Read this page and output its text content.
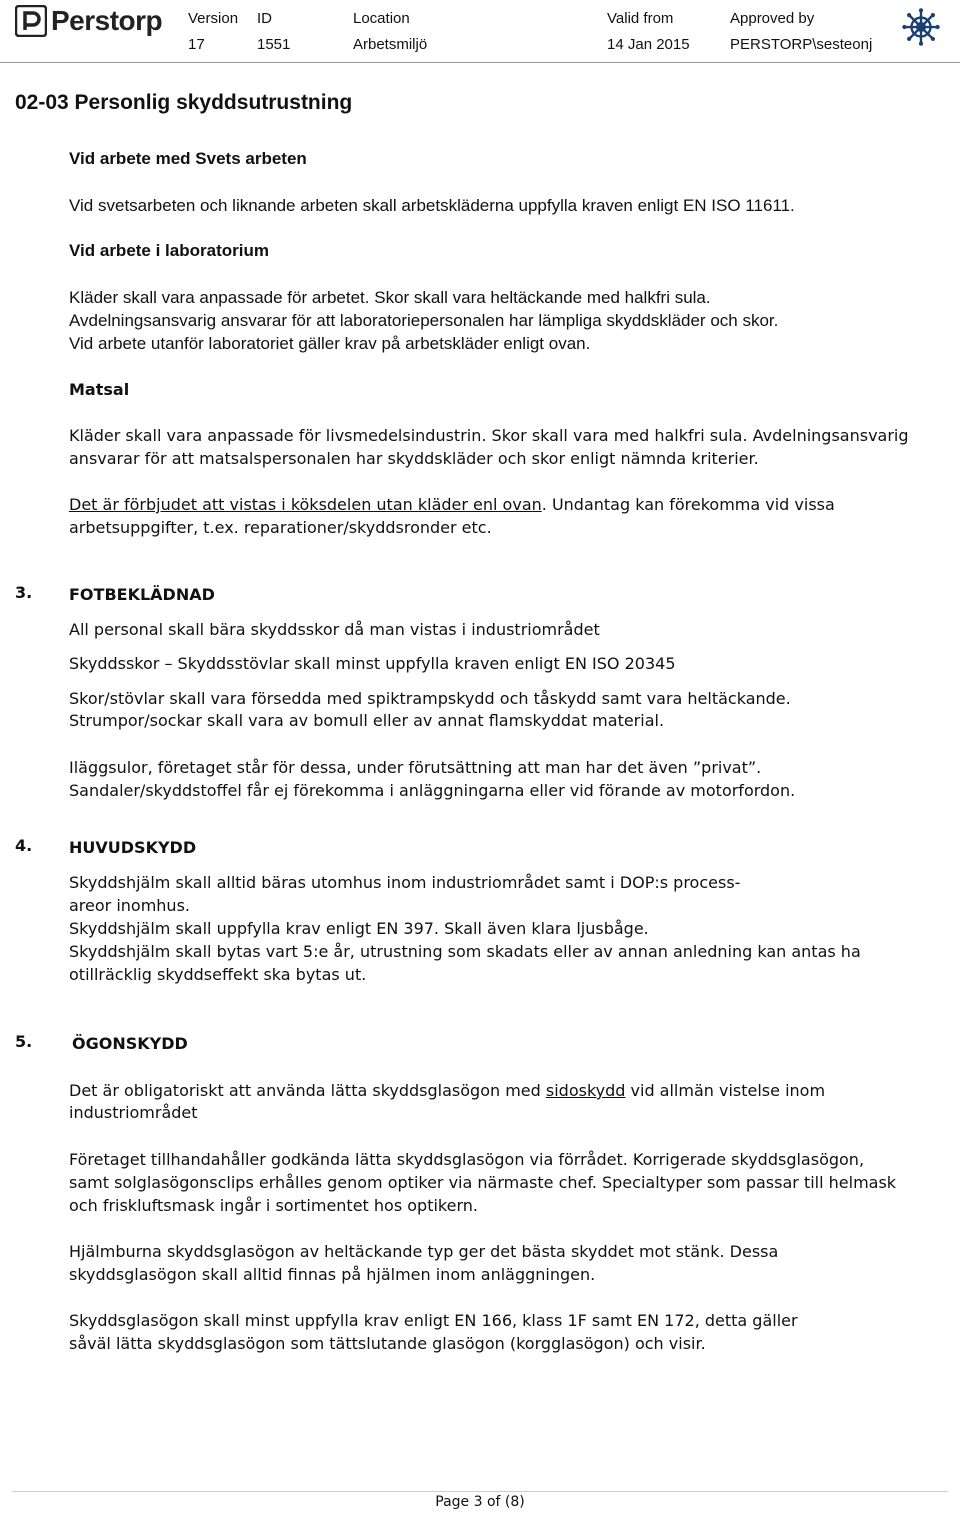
Perstorp Version
17
ID
1551
Location
Arbetsmiljö
Valid from
14 Jan 2015
Approved by
PERSTORP\sesteonj
02-03 Personlig skyddsutrustning
Vid arbete med Svets arbeten
Vid svetsarbeten och liknande arbeten skall arbetskläderna uppfylla kraven enligt EN ISO 11611.
Vid arbete i laboratorium
Kläder skall vara anpassade för arbetet. Skor skall vara heltäckande med halkfri sula.
Avdelningsansvarig ansvarar för att laboratoriepersonalen har lämpliga skyddskläder och skor.
Vid arbete utanför laboratoriet gäller krav på arbetskläder enligt ovan.
Matsal
Kläder skall vara anpassade för livsmedelsindustrin. Skor skall vara med halkfri sula. Avdelningsansvarig
ansvarar för att matsalspersonalen har skyddskläder och skor enligt nämnda kriterier.
Det är förbjudet att vistas i köksdelen utan kläder enl ovan. Undantag kan förekomma vid vissa
arbetsuppgifter, t.ex. reparationer/skyddsronder etc.
3. FOTBEKLÄDNAD
All personal skall bära skyddsskor då man vistas i industriområdet
Skyddsskor – Skyddsstövlar skall minst uppfylla kraven enligt EN ISO 20345
Skor/stövlar skall vara försedda med spiktrampskydd och tåskydd samt vara heltäckande.
Strumpor/sockar skall vara av bomull eller av annat flamskyddat material.
Iläggsulor, företaget står för dessa, under förutsättning att man har det även ”privat”.
Sandaler/skyddstoffel får ej förekomma i anläggningarna eller vid förande av motorfordon.
4. HUVUDSKYDD
Skyddshjälm skall alltid bäras utomhus inom industriområdet samt i DOP:s process-
areor inomhus.
Skyddshjälm skall uppfylla krav enligt EN 397. Skall även klara ljusbåge.
Skyddshjälm skall bytas vart 5:e år, utrustning som skadats eller av annan anledning kan antas ha
otillräcklig skyddseffekt ska bytas ut.
5. ÖGONSKYDD
Det är obligatoriskt att använda lätta skyddsglasögon med sidoskydd vid allmän vistelse inom
industriområdet
Företaget tillhandahåller godkända lätta skyddsglasögon via förrådet. Korrigerade skyddsglasögon,
samt solglasögonsclips erhålles genom optiker via närmaste chef. Specialtyper som passar till helmask
och friskluftsmask ingår i sortimentet hos optikern.
Hjälmburna skyddsglasögon av heltäckande typ ger det bästa skyddet mot stänk. Dessa
skyddsglasögon skall alltid finnas på hjälmen inom anläggningen.
Skyddsglasögon skall minst uppfylla krav enligt EN 166, klass 1F samt EN 172, detta gäller
såväl lätta skyddsglasögon som tättslutande glasögon (korgglasögon) och visir.
Page 3 of (8)
